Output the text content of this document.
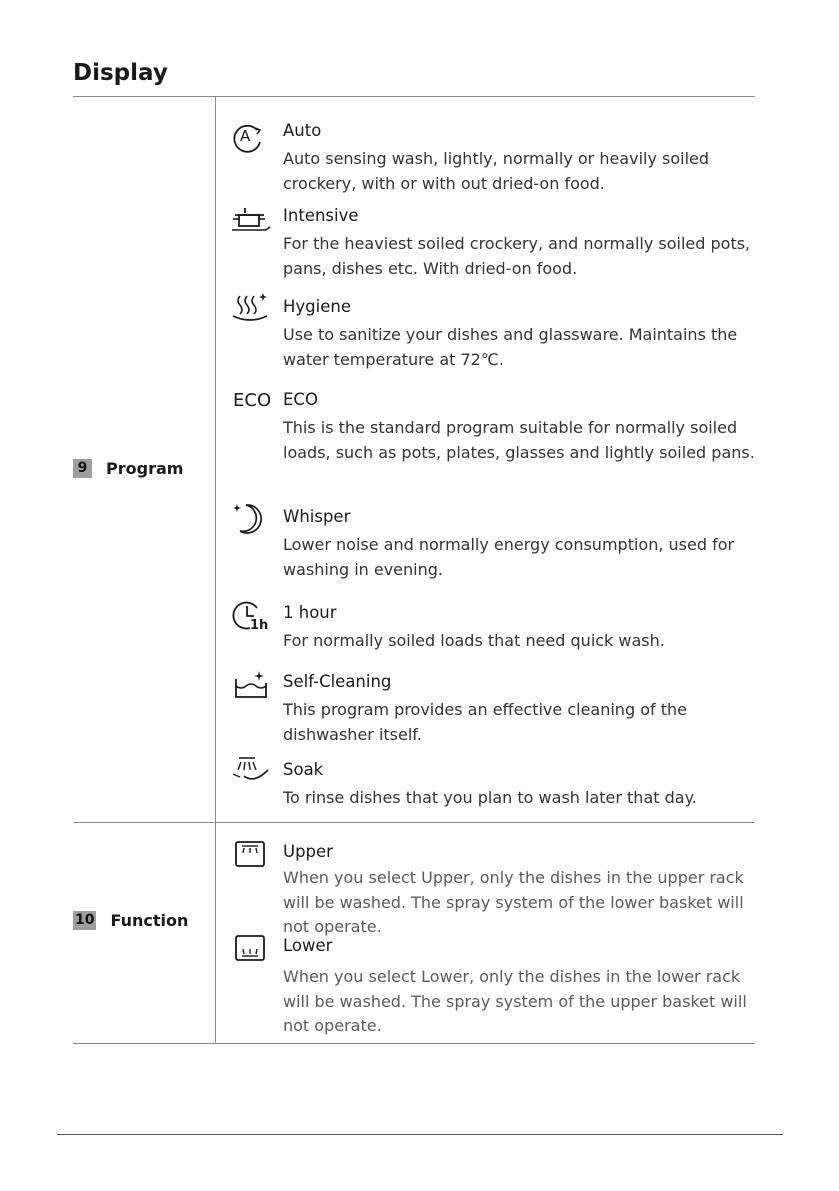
Display
9 Program
10 Function
A Auto
Auto sensing wash, lightly, normally or heavily soiled crockery, with or with out dried-on food.
Intensive
For the heaviest soiled crockery, and normally soiled pots, pans, dishes etc. With dried-on food.
Hygiene
Use to sanitize your dishes and glassware. Maintains the water temperature at 72℃.
ECO ECO
This is the standard program suitable for normally soiled loads, such as pots, plates, glasses and lightly soiled pans.
Whisper
Lower noise and normally energy consumption, used for washing in evening.
1h
1 hour
For normally soiled loads that need quick wash.
Self-Cleaning
This program provides an effective cleaning of the dishwasher itself.
Soak
To rinse dishes that you plan to wash later that day.
Upper
When you select Upper, only the dishes in the upper rack will be washed. The spray system of the lower basket will not operate.
Lower
When you select Lower, only the dishes in the lower rack will be washed. The spray system of the upper basket will not operate.
